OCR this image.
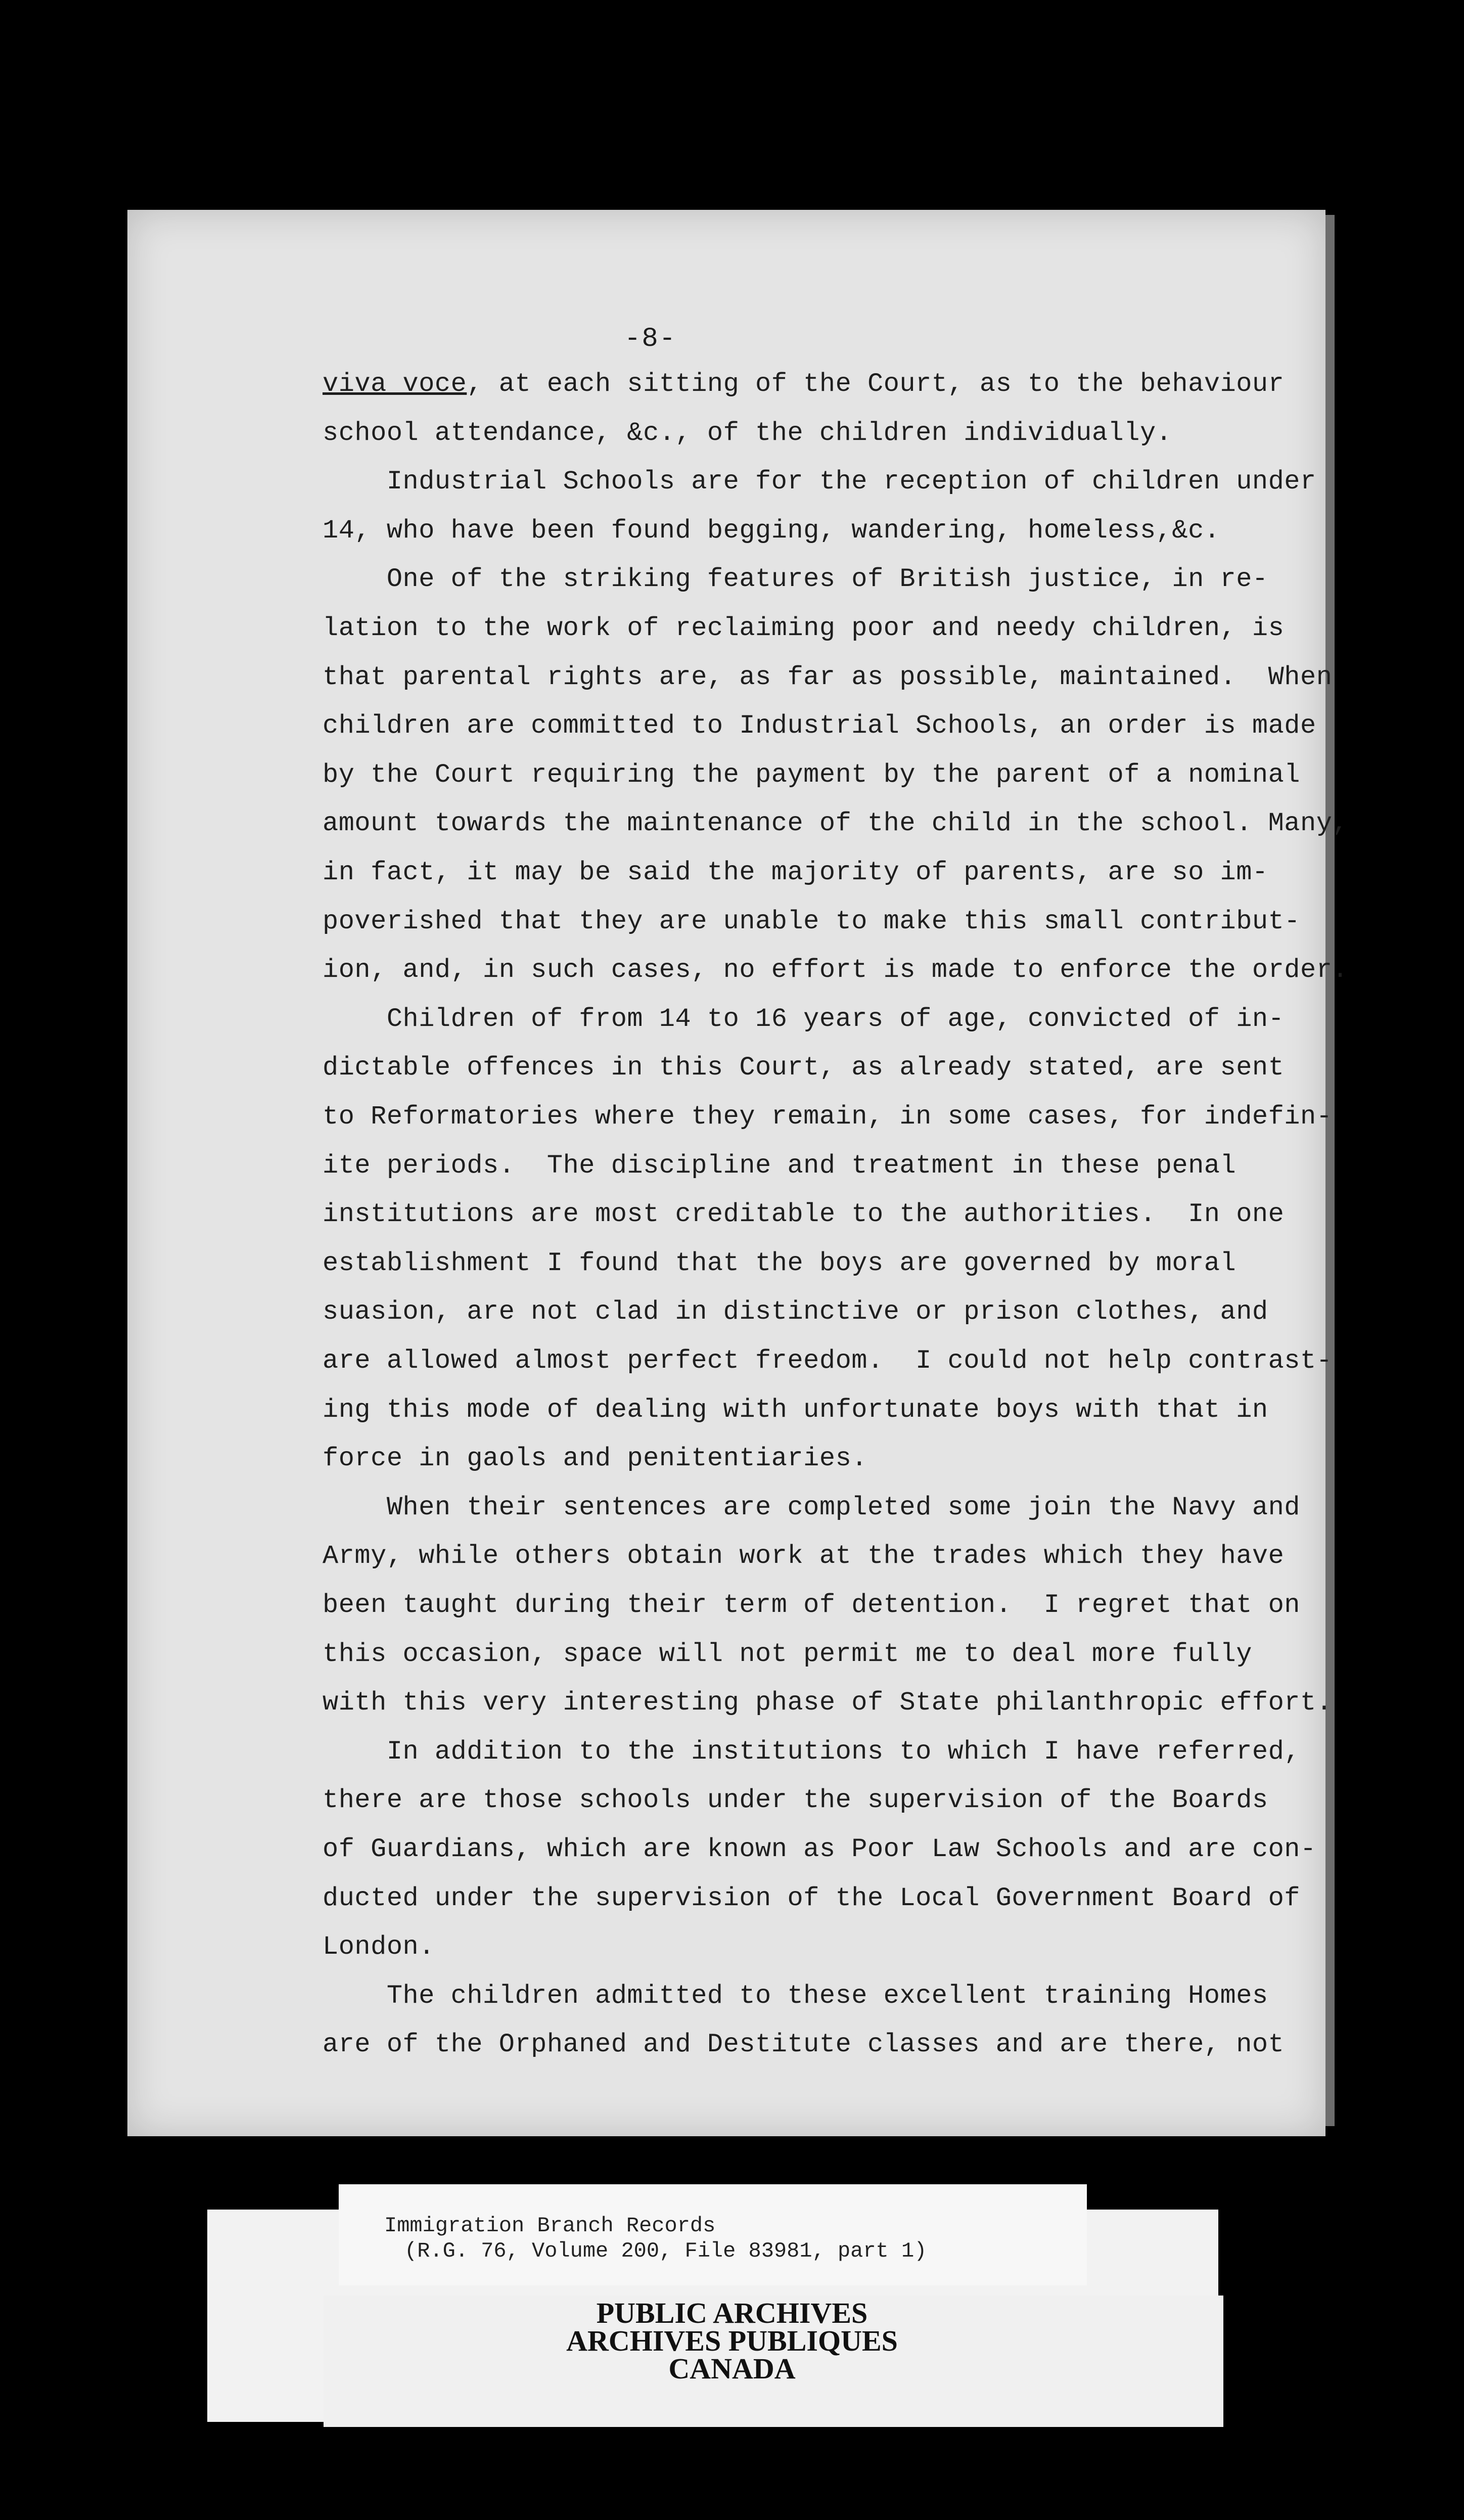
-8-
viva voce, at each sitting of the Court, as to the behaviour
school attendance, &c., of the children individually.
Industrial Schools are for the reception of children under
14, who have been found begging, wandering, homeless,&c.
One of the striking features of British justice, in re-
lation to the work of reclaiming poor and needy children, is
that parental rights are, as far as possible, maintained.  When
children are committed to Industrial Schools, an order is made
by the Court requiring the payment by the parent of a nominal
amount towards the maintenance of the child in the school. Many,
in fact, it may be said the majority of parents, are so im-
poverished that they are unable to make this small contribut-
ion, and, in such cases, no effort is made to enforce the order.
Children of from 14 to 16 years of age, convicted of in-
dictable offences in this Court, as already stated, are sent
to Reformatories where they remain, in some cases, for indefin-
ite periods.  The discipline and treatment in these penal
institutions are most creditable to the authorities.  In one
establishment I found that the boys are governed by moral
suasion, are not clad in distinctive or prison clothes, and
are allowed almost perfect freedom.  I could not help contrast-
ing this mode of dealing with unfortunate boys with that in
force in gaols and penitentiaries.
When their sentences are completed some join the Navy and
Army, while others obtain work at the trades which they have
been taught during their term of detention.  I regret that on
this occasion, space will not permit me to deal more fully
with this very interesting phase of State philanthropic effort.
In addition to the institutions to which I have referred,
there are those schools under the supervision of the Boards
of Guardians, which are known as Poor Law Schools and are con-
ducted under the supervision of the Local Government Board of
London.
The children admitted to these excellent training Homes
are of the Orphaned and Destitute classes and are there, not
Immigration Branch Records
(R.G. 76, Volume 200, File 83981, part 1)
PUBLIC ARCHIVES
ARCHIVES PUBLIQUES
CANADA
